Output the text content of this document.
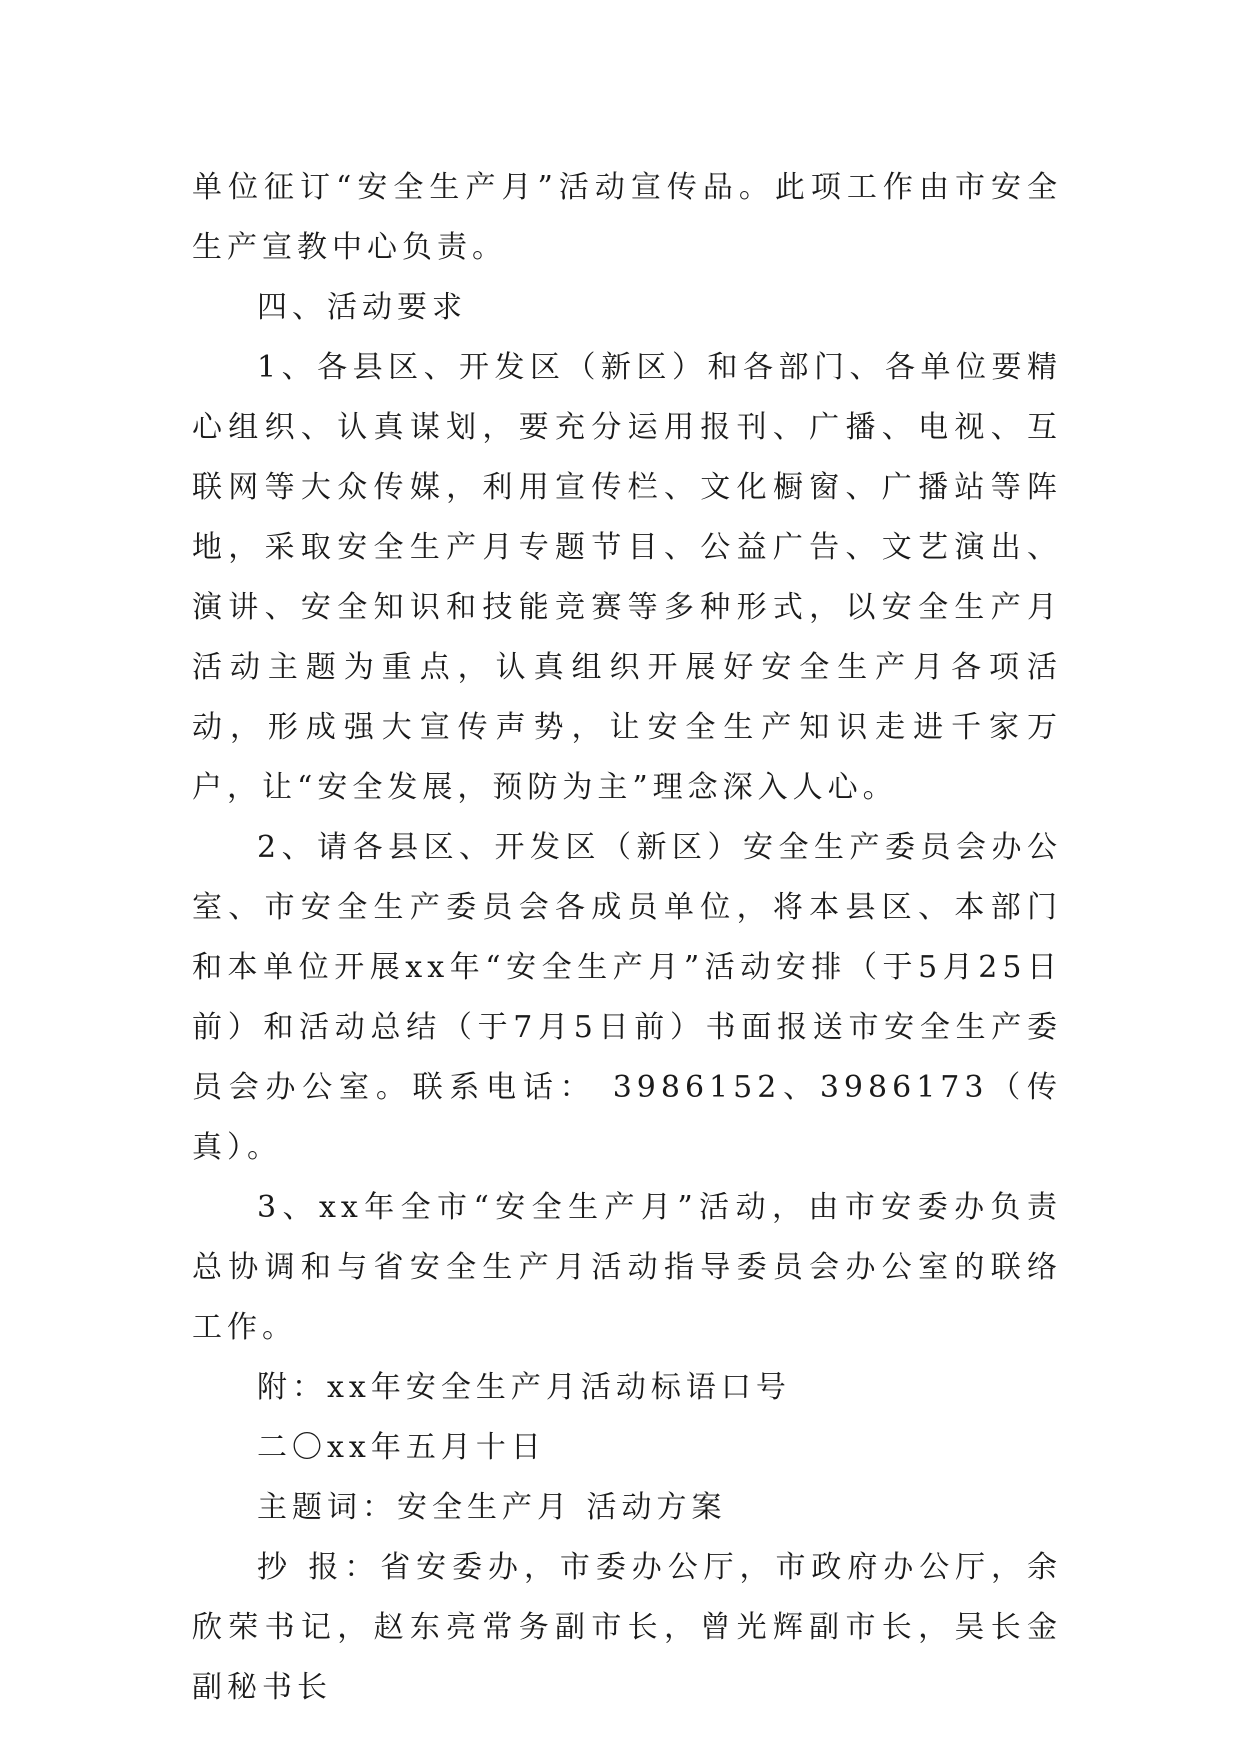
单位征订“安全生产月”活动宣传品。此项工作由市安全生产宣教中心负责。

四、活动要求

1、各县区、开发区（新区）和各部门、各单位要精心组织、认真谋划，要充分运用报刊、广播、电视、互联网等大众传媒，利用宣传栏、文化橱窗、广播站等阵地，采取安全生产月专题节目、公益广告、文艺演出、演讲、安全知识和技能竞赛等多种形式，以安全生产月活动主题为重点，认真组织开展好安全生产月各项活动，形成强大宣传声势，让安全生产知识走进千家万户，让“安全发展，预防为主”理念深入人心。

2、请各县区、开发区（新区）安全生产委员会办公室、市安全生产委员会各成员单位，将本县区、本部门和本单位开展xx年“安全生产月”活动安排（于5月25日前）和活动总结（于7月5日前）书面报送市安全生产委员会办公室。联系电话： 3986152、3986173（传真）。

3、xx年全市“安全生产月”活动，由市安委办负责总协调和与省安全生产月活动指导委员会办公室的联络工作。

附：xx年安全生产月活动标语口号

二〇xx年五月十日

主题词：安全生产月 活动方案

抄 报：省安委办，市委办公厅，市政府办公厅，余欣荣书记，赵东亮常务副市长，曾光辉副市长，吴长金副秘书长
